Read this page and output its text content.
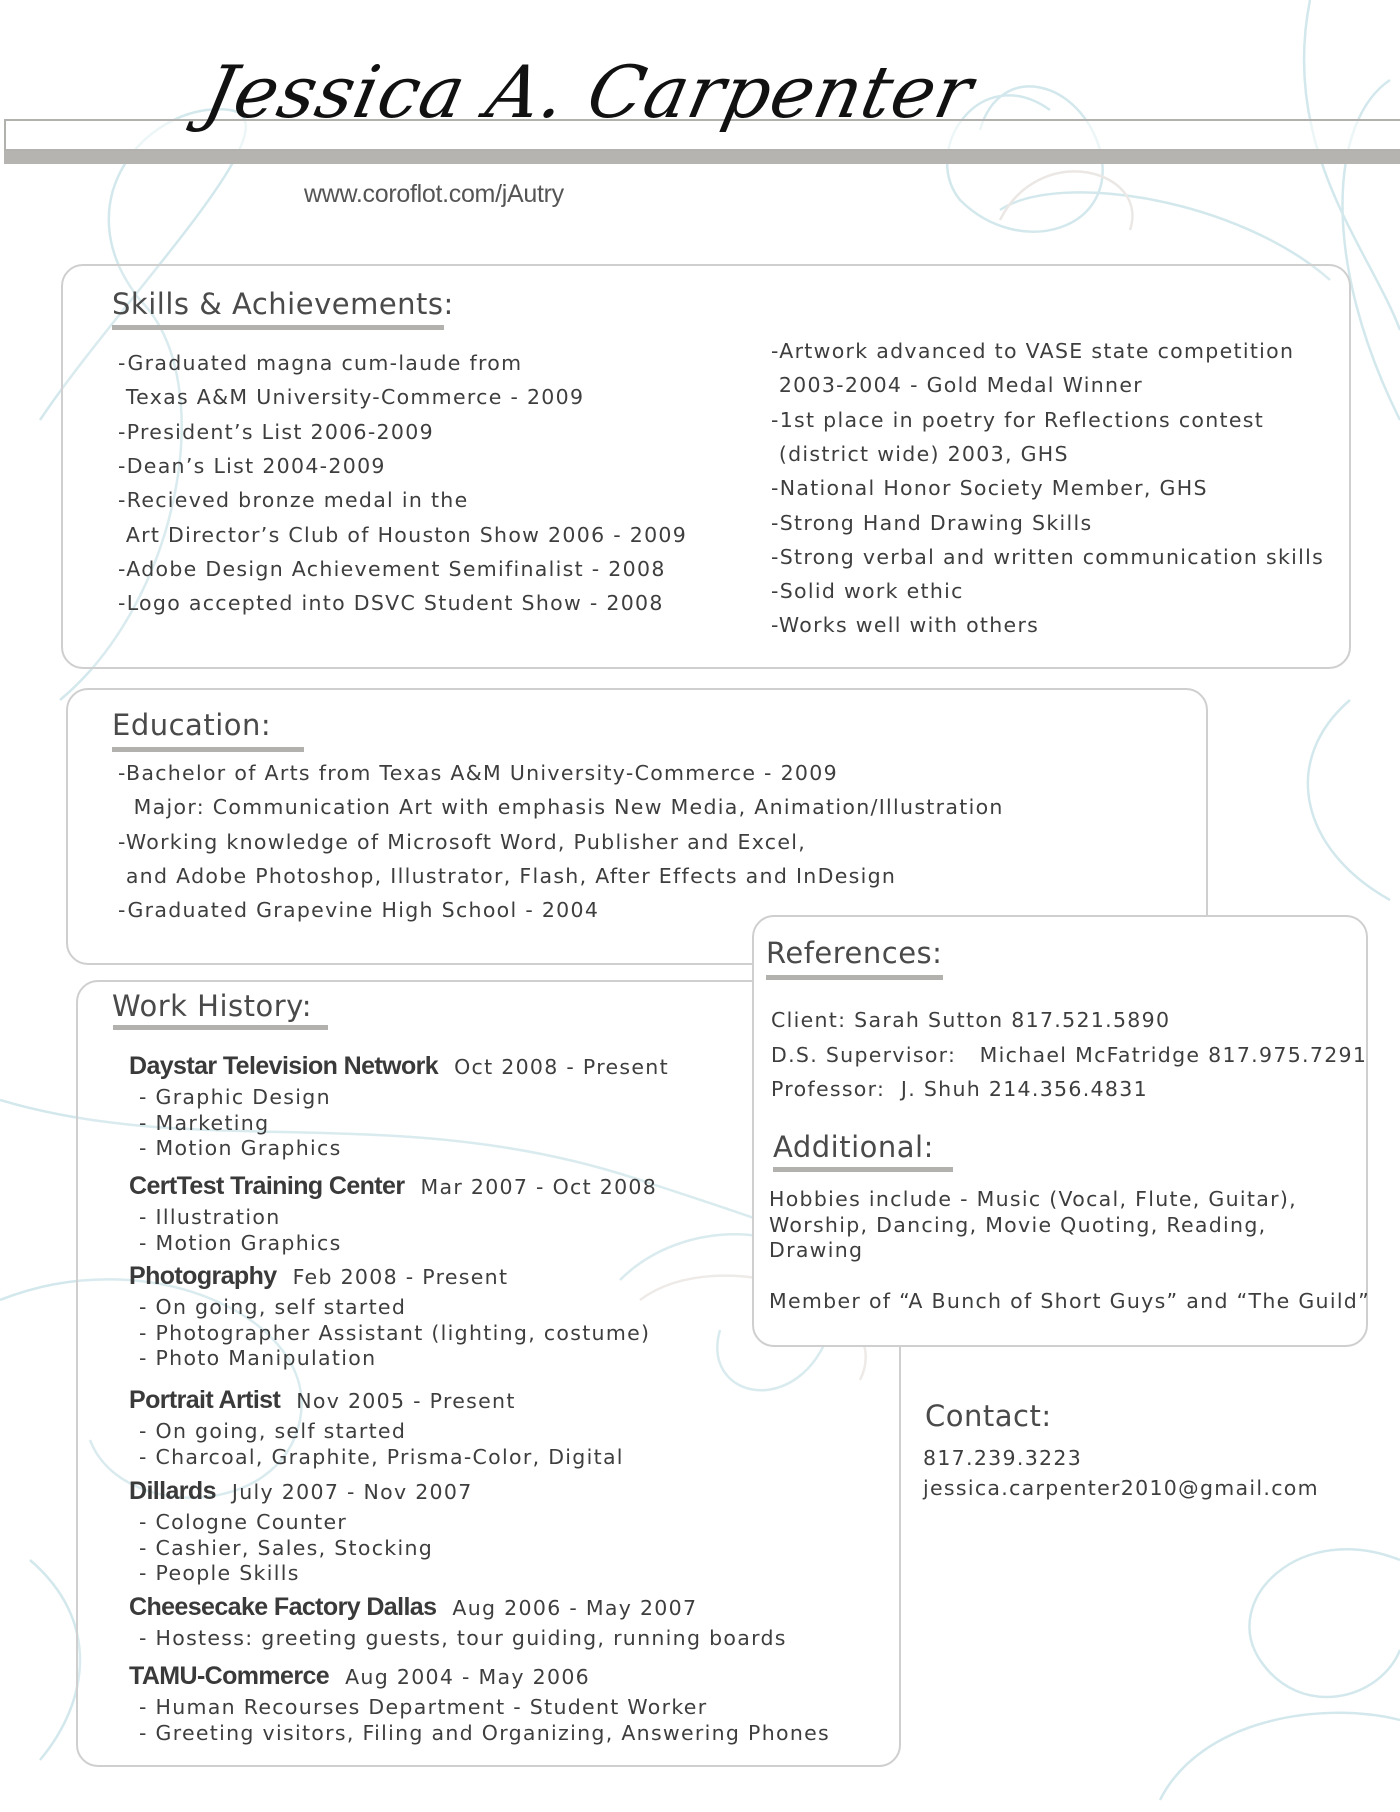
Jessica A. Carpenter
www.coroflot.com/jAutry
Skills & Achievements:
-Graduated magna cum-laude from
Texas A&M University-Commerce - 2009
-President’s List 2006-2009
-Dean’s List 2004-2009
-Recieved bronze medal in the
Art Director’s Club of Houston Show 2006 - 2009
-Adobe Design Achievement Semifinalist - 2008
-Logo accepted into DSVC Student Show - 2008
-Artwork advanced to VASE state competition
2003-2004 - Gold Medal Winner
-1st place in poetry for Reflections contest
(district wide) 2003, GHS
-National Honor Society Member, GHS
-Strong Hand Drawing Skills
-Strong verbal and written communication skills
-Solid work ethic
-Works well with others
Education:
-Bachelor of Arts from Texas A&M University-Commerce - 2009
Major: Communication Art with emphasis New Media, Animation/Illustration
-Working knowledge of Microsoft Word, Publisher and Excel,
and Adobe Photoshop, Illustrator, Flash, After Effects and InDesign
-Graduated Grapevine High School - 2004
Work History:
Daystar Television Network Oct 2008 - Present
- Graphic Design
- Marketing
- Motion Graphics
CertTest Training Center Mar 2007 - Oct 2008
- Illustration
- Motion Graphics
Photography Feb 2008 - Present
- On going, self started
- Photographer Assistant (lighting, costume)
- Photo Manipulation
Portrait Artist Nov 2005 - Present
- On going, self started
- Charcoal, Graphite, Prisma-Color, Digital
Dillards July 2007 - Nov 2007
- Cologne Counter
- Cashier, Sales, Stocking
- People Skills
Cheesecake Factory Dallas Aug 2006 - May 2007
- Hostess: greeting guests, tour guiding, running boards
TAMU-Commerce Aug 2004 - May 2006
- Human Recourses Department - Student Worker
- Greeting visitors, Filing and Organizing, Answering Phones
References:
Client: Sarah Sutton 817.521.5890
D.S. Supervisor:   Michael McFatridge 817.975.7291
Professor:  J. Shuh 214.356.4831
Additional:
Hobbies include - Music (Vocal, Flute, Guitar),
Worship, Dancing, Movie Quoting, Reading,
Drawing
Member of “A Bunch of Short Guys” and “The Guild”
Contact:
817.239.3223
jessica.carpenter2010@gmail.com
